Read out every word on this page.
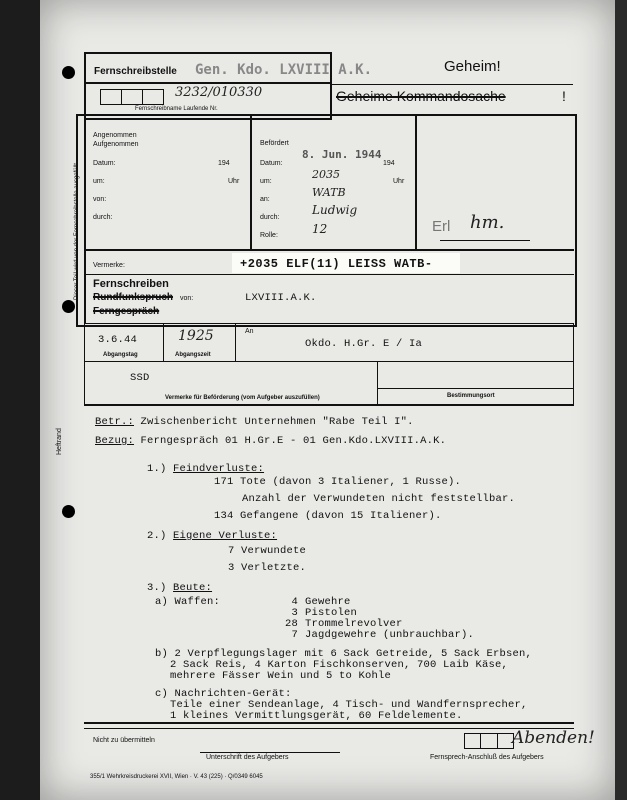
Dieser Teil wird von der Fernschreibstelle ausgefüllt
Heftrand
Fernschreibstelle Gen. Kdo. LXVIII A.K.
3232/010330
Fernschreibname Laufende Nr.
Geheim!
Geheime Kommandosache	!
Angenommen
Aufgenommen
Datum:	194
um:	Uhr
von:
durch:
Befördert
Datum:
8. Jun. 1944
194
um:
2035
Uhr
an:
WATB
durch:
Ludwig
Rolle:	12	Erl hm.
Vermerke:	+2035 ELF(11) LEISS WATB-
Fernschreiben
Rundfunkspruch
Ferngespräch
von:	LXVIII.A.K.
3.6.44
Abgangstag
1925
Abgangszeit
An
Okdo. H.Gr. E / Ia
SSD
Vermerke für Beförderung (vom Aufgeber auszufüllen)	Bestimmungsort
Betr.: Zwischenbericht Unternehmen "Rabe Teil I".
Bezug: Ferngespräch 01 H.Gr.E - 01 Gen.Kdo.LXVIII.A.K.
1.) Feindverluste:
171 Tote (davon 3 Italiener, 1 Russe).
Anzahl der Verwundeten nicht feststellbar.
134 Gefangene (davon 15 Italiener).
2.) Eigene Verluste:
7 Verwundete
3 Verletzte.
3.) Beute:
a) Waffen:	4 Gewehre
3 Pistolen
28 Trommelrevolver
7 Jagdgewehre (unbrauchbar).
b) 2 Verpflegungslager mit 6 Sack Getreide, 5 Sack Erbsen,
2 Sack Reis, 4 Karton Fischkonserven, 700 Laib Käse,
mehrere Fässer Wein und 5 to Kohle
c) Nachrichten-Gerät:
Teile einer Sendeanlage, 4 Tisch- und Wandfernsprecher,
1 kleines Vermittlungsgerät, 60 Feldelemente.
Nicht zu übermitteln	Abenden!
Unterschrift des Aufgebers	Fernsprech-Anschluß des Aufgebers
355/1 Wehrkreisdruckerei XVII, Wien · V. 43 (225) · Q/0349 6045
